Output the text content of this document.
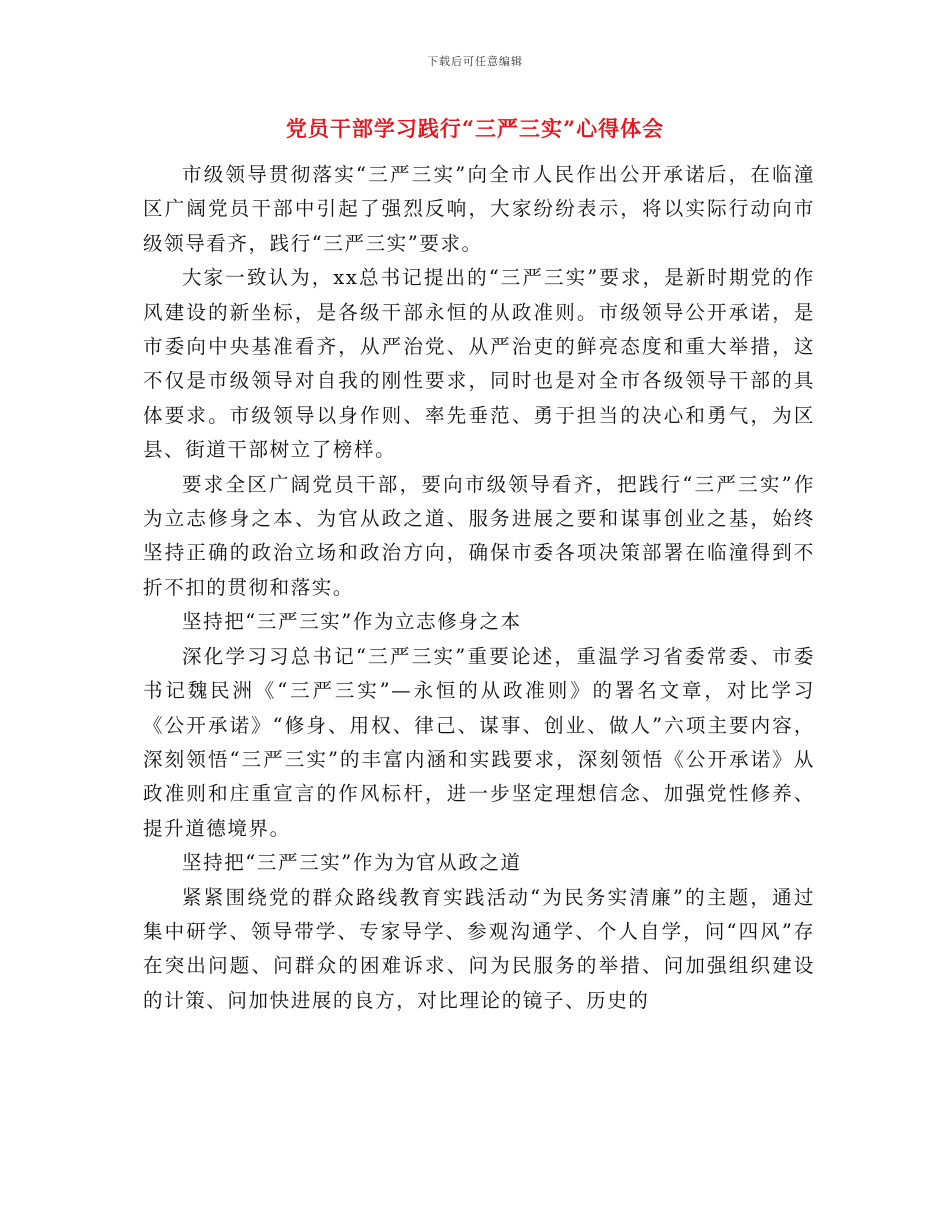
下载后可任意编辑
党员干部学习践行“三严三实”心得体会

市级领导贯彻落实“三严三实”向全市人民作出公开承诺后，在临潼区广阔党员干部中引起了强烈反响，大家纷纷表示，将以实际行动向市级领导看齐，践行“三严三实”要求。

大家一致认为，xx总书记提出的“三严三实”要求，是新时期党的作风建设的新坐标，是各级干部永恒的从政准则。市级领导公开承诺，是市委向中央基准看齐，从严治党、从严治吏的鲜亮态度和重大举措，这不仅是市级领导对自我的刚性要求，同时也是对全市各级领导干部的具体要求。市级领导以身作则、率先垂范、勇于担当的决心和勇气，为区县、街道干部树立了榜样。

要求全区广阔党员干部，要向市级领导看齐，把践行“三严三实”作为立志修身之本、为官从政之道、服务进展之要和谋事创业之基，始终坚持正确的政治立场和政治方向，确保市委各项决策部署在临潼得到不折不扣的贯彻和落实。

坚持把“三严三实”作为立志修身之本

深化学习习总书记“三严三实”重要论述，重温学习省委常委、市委书记魏民洲《“三严三实”—永恒的从政准则》的署名文章，对比学习《公开承诺》“修身、用权、律己、谋事、创业、做人”六项主要内容，深刻领悟“三严三实”的丰富内涵和实践要求，深刻领悟《公开承诺》从政准则和庄重宣言的作风标杆，进一步坚定理想信念、加强党性修养、提升道德境界。

坚持把“三严三实”作为为官从政之道

紧紧围绕党的群众路线教育实践活动“为民务实清廉”的主题，通过集中研学、领导带学、专家导学、参观沟通学、个人自学，问“四风”存在突出问题、问群众的困难诉求、问为民服务的举措、问加强组织建设的计策、问加快进展的良方，对比理论的镜子、历史的
